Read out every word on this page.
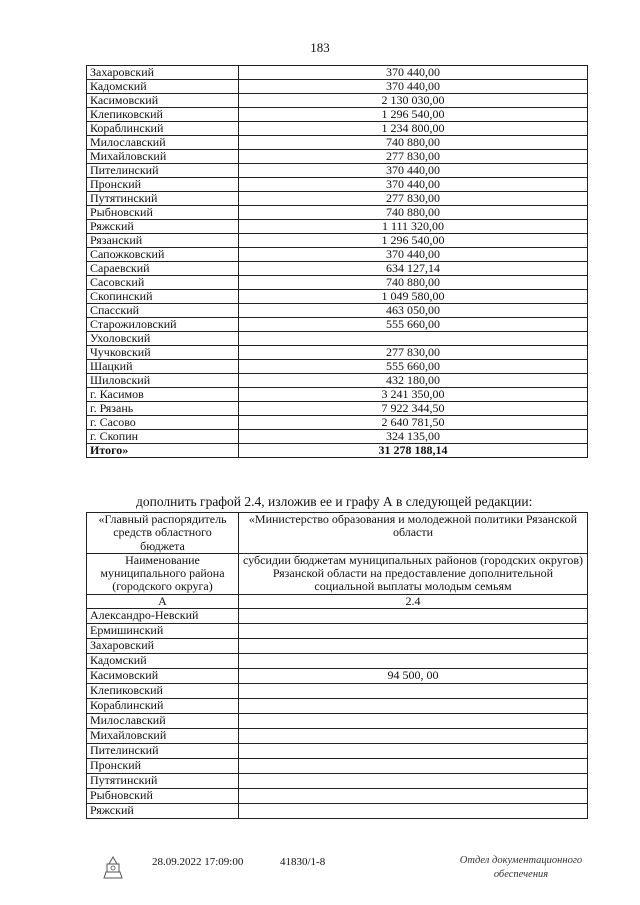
183
Захаровский	370 440,00
Кадомский	370 440,00
Касимовский	2 130 030,00
Клепиковский	1 296 540,00
Кораблинский	1 234 800,00
Милославский	740 880,00
Михайловский	277 830,00
Пителинский	370 440,00
Пронский	370 440,00
Путятинский	277 830,00
Рыбновский	740 880,00
Ряжский	1 111 320,00
Рязанский	1 296 540,00
Сапожковский	370 440,00
Сараевский	634 127,14
Сасовский	740 880,00
Скопинский	1 049 580,00
Спасский	463 050,00
Старожиловский	555 660,00
Ухоловский	
Чучковский	277 830,00
Шацкий	555 660,00
Шиловский	432 180,00
г. Касимов	3 241 350,00
г. Рязань	7 922 344,50
г. Сасово	2 640 781,50
г. Скопин	324 135,00
Итого»	31 278 188,14
дополнить графой 2.4, изложив ее и графу А в следующей редакции:
«Главный распорядитель средств областного бюджета	«Министерство образования и молодежной политики Рязанской области
Наименование муниципального района (городского округа)	субсидии бюджетам муниципальных районов (городских округов) Рязанской области на предоставление дополнительной социальной выплаты молодым семьям
А	2.4
Александро-Невский	
Ермишинский	
Захаровский	
Кадомский	
Касимовский	94 500, 00
Клепиковский	
Кораблинский	
Милославский	
Михайловский	
Пителинский	
Пронский	
Путятинский	
Рыбновский	
Ряжский	
28.09.2022 17:09:00	41830/1-8	Отдел документационного обеспечения
